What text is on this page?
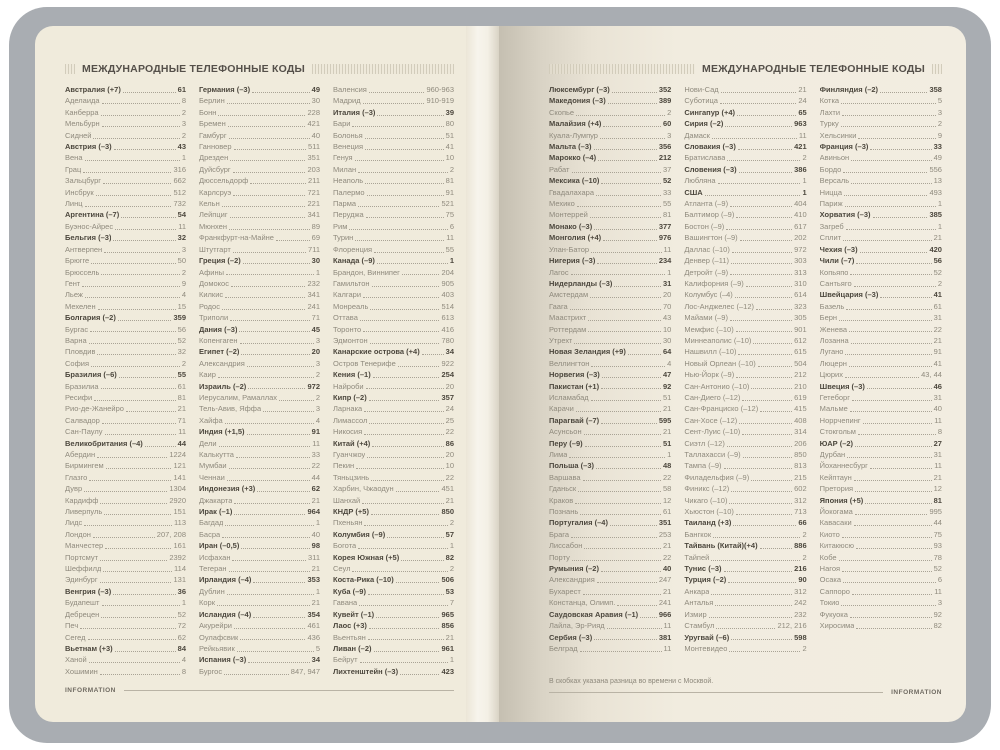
МЕЖДУНАРОДНЫЕ ТЕЛЕФОННЫЕ КОДЫ
Австралия (+7)	61
Аделаида	8
Канберра	2
Мельбурн	3
Сидней	2
Австрия (–3)	43
Вена	1
Грац	316
Зальцбург	662
Инсбрук	512
Линц	732
Аргентина (–7)	54
Буэнос-Айрес	11
Бельгия (–3)	32
Антверпен	3
Брюгге	50
Брюссель	2
Гент	9
Льеж	4
Мехелен	15
Болгария (–2)	359
Бургас	56
Варна	52
Пловдив	32
София	2
Бразилия (–6)	55
Бразилиа	61
Ресифи	81
Рио-де-Жанейро	21
Салвадор	71
Сан-Паулу	11
Великобритания (–4)	44
Абердин	1224
Бирмингем	121
Глазго	141
Дувр	1304
Кардифф	2920
Ливерпуль	151
Лидс	113
Лондон	207, 208
Манчестер	161
Портсмут	2392
Шеффилд	114
Эдинбург	131
Венгрия (–3)	36
Будапешт	1
Дебрецен	52
Печ	72
Сегед	62
Вьетнам (+3)	84
Ханой	4
Хошимин	8
Германия (–3)	49
Берлин	30
Бонн	228
Бремен	421
Гамбург	40
Ганновер	511
Дрезден	351
Дуйсбург	203
Дюссельдорф	211
Карлсруэ	721
Кельн	221
Лейпциг	341
Мюнхен	89
Франкфурт-на-Майне	69
Штутгарт	711
Греция (–2)	30
Афины	1
Домокос	232
Килкис	341
Родос	241
Триполи	71
Дания (–3)	45
Копенгаген	3
Египет (–2)	20
Александрия	3
Каир	2
Израиль (–2)	972
Иерусалим, Рамаллах	2
Тель-Авив, Яффа	3
Хайфа	4
Индия (+1,5)	91
Дели	11
Калькутта	33
Мумбаи	22
Ченнаи	44
Индонезия (+3)	62
Джакарта	21
Ирак (–1)	964
Багдад	1
Басра	40
Иран (–0,5)	98
Исфахан	311
Тегеран	21
Ирландия (–4)	353
Дублин	1
Корк	21
Исландия (–4)	354
Акурейри	461
Оулафсвик	436
Рейкьявик	5
Испания (–3)	34
Бургос	847, 947
Валенсия	960-963
Мадрид	910-919
Италия (–3)	39
Бари	80
Болонья	51
Венеция	41
Генуя	10
Милан	2
Неаполь	81
Палермо	91
Парма	521
Перуджа	75
Рим	6
Турин	11
Флоренция	55
Канада (–9)	1
Брандон, Виннипег	204
Гамильтон	905
Калгари	403
Монреаль	514
Оттава	613
Торонто	416
Эдмонтон	780
Канарские острова (+4)	34
Остров Тенерифе	922
Кения (–1)	254
Найроби	20
Кипр (–2)	357
Ларнака	24
Лимассол	25
Никосия	22
Китай (+4)	86
Гуанчжоу	20
Пекин	10
Тяньцзинь	22
Харбин, Чжаодун	451
Шанхай	21
КНДР (+5)	850
Пхеньян	2
Колумбия (–9)	57
Богота	1
Корея Южная (+5)	82
Сеул	2
Коста-Рика (–10)	506
Куба (–9)	53
Гавана	7
Кувейт (–1)	965
Лаос (+3)	856
Вьентьян	21
Ливан (–2)	961
Бейрут	1
Лихтенштейн (–3)	423
INFORMATION
МЕЖДУНАРОДНЫЕ ТЕЛЕФОННЫЕ КОДЫ
Люксембург (–3)	352
Македония (–3)	389
Скопье	2
Малайзия (+4)	60
Куала-Лумпур	3
Мальта (–3)	356
Марокко (–4)	212
Рабат	37
Мексика (–10)	52
Гвадалахара	33
Мехико	55
Монтеррей	81
Монако (–3)	377
Монголия (+4)	976
Улан-Батор	11
Нигерия (–3)	234
Лагос	1
Нидерланды (–3)	31
Амстердам	20
Гаага	70
Маастрихт	43
Роттердам	10
Утрехт	30
Новая Зеландия (+9)	64
Веллингтон	4
Норвегия (–3)	47
Пакистан (+1)	92
Исламабад	51
Карачи	21
Парагвай (–7)	595
Асунсьон	21
Перу (–9)	51
Лима	1
Польша (–3)	48
Варшава	22
Гданьск	58
Краков	12
Познань	61
Португалия (–4)	351
Брага	253
Лиссабон	21
Порту	22
Румыния (–2)	40
Александрия	247
Бухарест	21
Констанца, Олимп.	241
Саудовская Аравия (–1)	966
Лайла, Эр-Рияд	11
Сербия (–3)	381
Белград	11
Нови-Сад	21
Суботица	24
Сингапур (+4)	65
Сирия (–2)	963
Дамаск	11
Словакия (–3)	421
Братислава	2
Словения (–3)	386
Любляна	1
США	1
Атланта (–9)	404
Балтимор (–9)	410
Бостон (–9)	617
Вашингтон (–9)	202
Даллас (–10)	972
Денвер (–11)	303
Детройт (–9)	313
Калифорния (–9)	310
Колумбус (–4)	614
Лос-Анджелес (–12)	323
Майами (–9)	305
Мемфис (–10)	901
Миннеаполис (–10)	612
Нашвилл (–10)	615
Новый Орлеан (–10)	504
Нью-Йорк (–9)	212
Сан-Антонио (–10)	210
Сан-Диего (–12)	619
Сан-Франциско (–12)	415
Сан-Хосе (–12)	408
Сент-Луис (–10)	314
Сиэтл (–12)	206
Таллахасси (–9)	850
Тампа (–9)	813
Филадельфия (–9)	215
Финикс (–12)	602
Чикаго (–10)	312
Хьюстон (–10)	713
Таиланд (+3)	66
Бангкок	2
Тайвань (Китай)(+4)	886
Тайпей	2
Тунис (–3)	216
Турция (–2)	90
Анкара	312
Анталья	242
Измир	232
Стамбул	212, 216
Уругвай (–6)	598
Монтевидео	2
Финляндия (–2)	358
Котка	5
Лахти	3
Турку	2
Хельсинки	9
Франция (–3)	33
Авиньон	49
Бордо	556
Версаль	13
Ницца	493
Париж	1
Хорватия (–3)	385
Загреб	1
Сплит	21
Чехия (–3)	420
Чили (–7)	56
Копьяпо	52
Сантьяго	2
Швейцария (–3)	41
Базель	61
Берн	31
Женева	22
Лозанна	21
Лугано	91
Люцерн	41
Цюрих	43, 44
Швеция (–3)	46
Гетеборг	31
Мальме	40
Норрчепинг	11
Стокгольм	8
ЮАР (–2)	27
Дурбан	31
Йоханнесбург	11
Кейптаун	21
Претория	12
Япония (+5)	81
Йокогама	995
Кавасаки	44
Киото	75
Китакюсю	93
Кобе	78
Нагоя	52
Осака	6
Саппоро	11
Токио	3
Фукуока	92
Хиросима	82

В скобках указана разница во времени с Москвой.

INFORMATION
